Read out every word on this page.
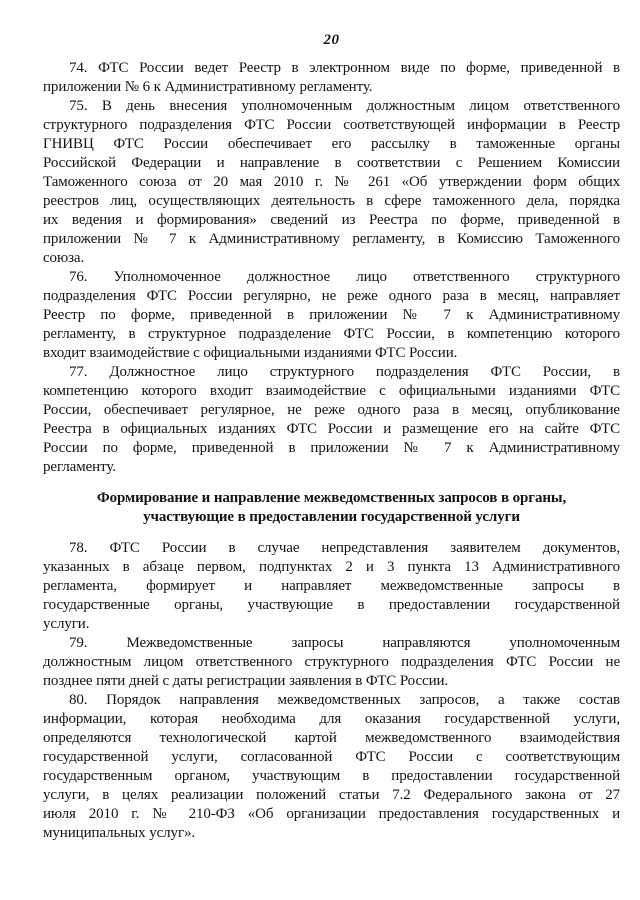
20
74. ФТС России ведет Реестр в электронном виде по форме, приведенной в
приложении № 6 к Административному регламенту.
75. В день внесения уполномоченным должностным лицом ответственного
структурного подразделения ФТС России соответствующей информации в Реестр
ГНИВЦ ФТС России обеспечивает его рассылку в таможенные органы
Российской Федерации и направление в соответствии с Решением Комиссии
Таможенного союза от 20 мая 2010 г. № 261 «Об утверждении форм общих
реестров лиц, осуществляющих деятельность в сфере таможенного дела, порядка
их ведения и формирования» сведений из Реестра по форме, приведенной в
приложении № 7 к Административному регламенту, в Комиссию Таможенного
союза.
76. Уполномоченное должностное лицо ответственного структурного
подразделения ФТС России регулярно, не реже одного раза в месяц, направляет
Реестр по форме, приведенной в приложении № 7 к Административному
регламенту, в структурное подразделение ФТС России, в компетенцию которого
входит взаимодействие с официальными изданиями ФТС России.
77. Должностное лицо структурного подразделения ФТС России, в
компетенцию которого входит взаимодействие с официальными изданиями ФТС
России, обеспечивает регулярное, не реже одного раза в месяц, опубликование
Реестра в официальных изданиях ФТС России и размещение его на сайте ФТС
России по форме, приведенной в приложении № 7 к Административному
регламенту.
Формирование и направление межведомственных запросов в органы,
участвующие в предоставлении государственной услуги
78. ФТС России в случае непредставления заявителем документов,
указанных в абзаце первом, подпунктах 2 и 3 пункта 13 Административного
регламента, формирует и направляет межведомственные запросы в
государственные органы, участвующие в предоставлении государственной
услуги.
79. Межведомственные запросы направляются уполномоченным
должностным лицом ответственного структурного подразделения ФТС России не
позднее пяти дней с даты регистрации заявления в ФТС России.
80. Порядок направления межведомственных запросов, а также состав
информации, которая необходима для оказания государственной услуги,
определяются технологической картой межведомственного взаимодействия
государственной услуги, согласованной ФТС России с соответствующим
государственным органом, участвующим в предоставлении государственной
услуги, в целях реализации положений статьи 7.2 Федерального закона от 27
июля 2010 г. № 210-ФЗ «Об организации предоставления государственных и
муниципальных услуг».
